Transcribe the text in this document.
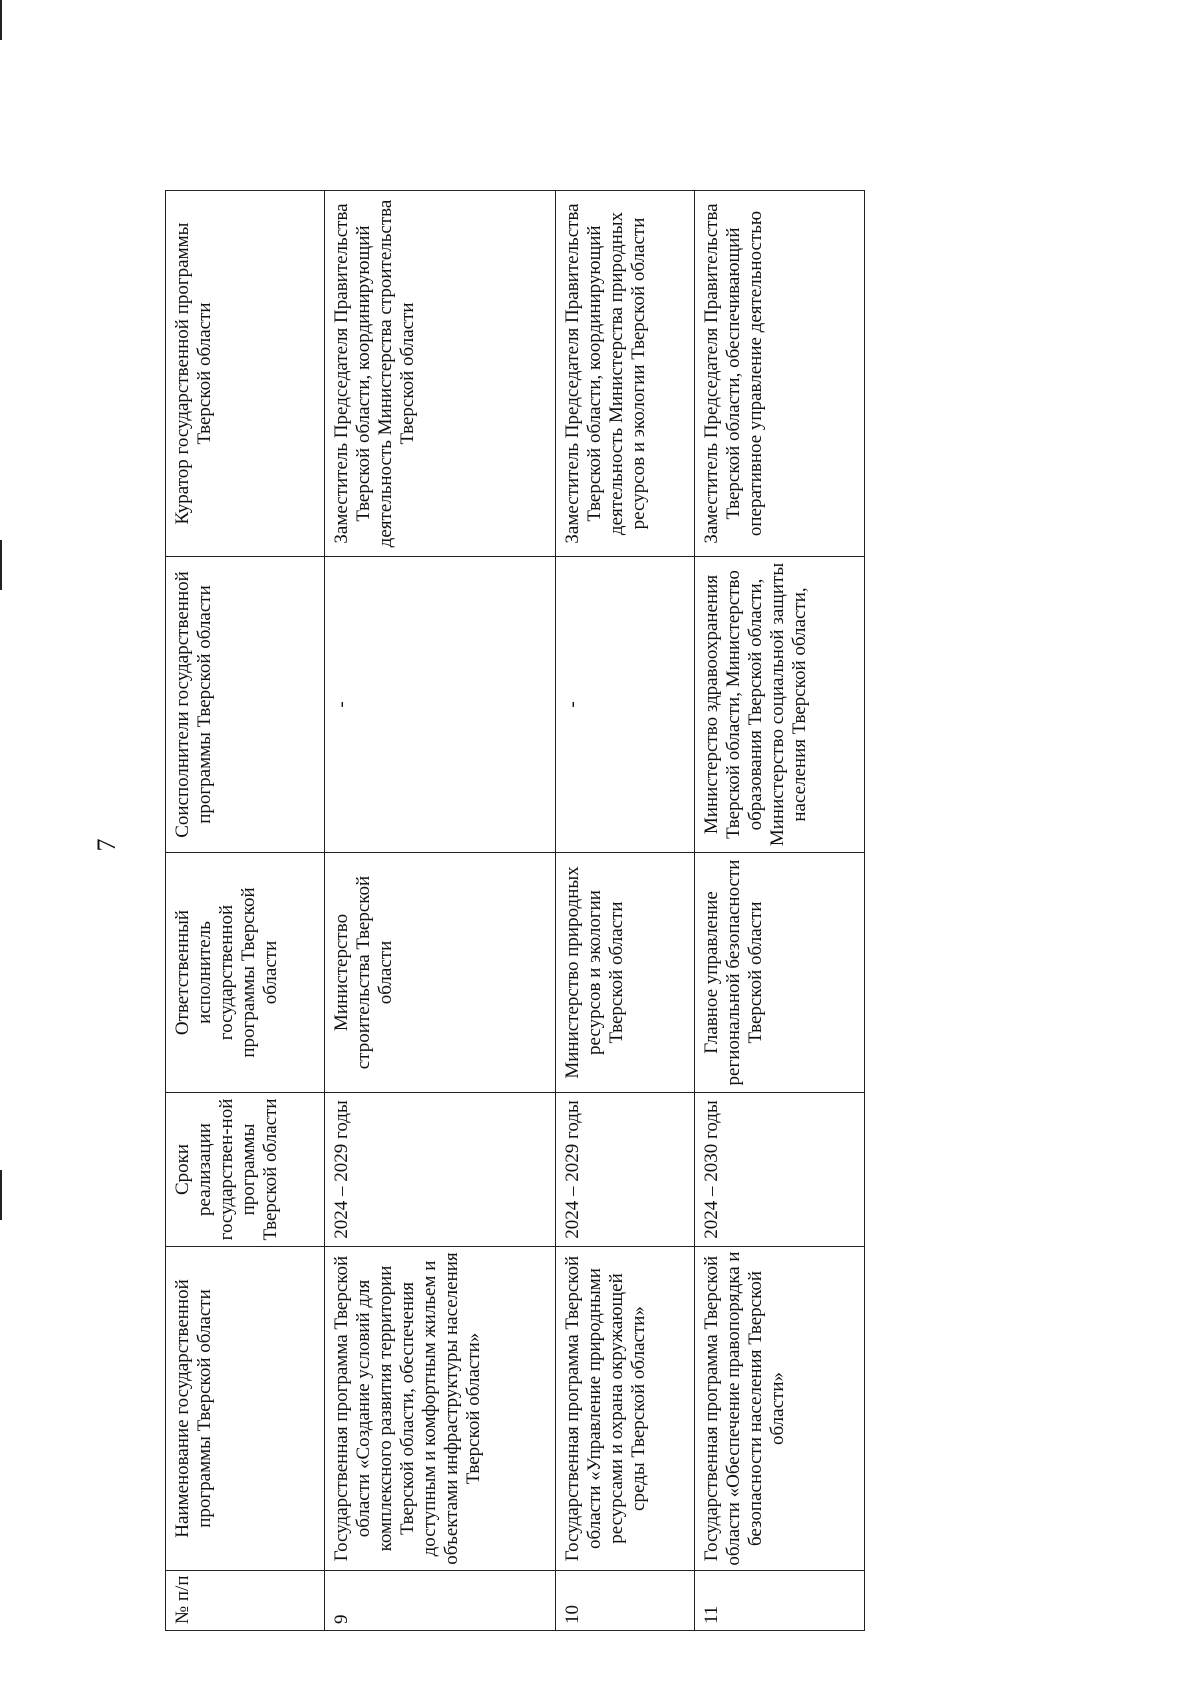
7
№ п/п	Наименование государственной программы Тверской области	Сроки реализации государствен-ной программы Тверской области	Ответственный исполнитель государственной программы Тверской области	Соисполнители государственной программы Тверской области	Куратор государственной программы Тверской области
9	Государственная программа Тверской области «Создание условий для комплексного развития территории Тверской области, обеспечения доступным и комфортным жильем и объектами инфраструктуры населения Тверской области»	2024 – 2029 годы	Министерство строительства Тверской области	-	Заместитель Председателя Правительства Тверской области, координирующий деятельность Министерства строительства Тверской области
10	Государственная программа Тверской области «Управление природными ресурсами и охрана окружающей среды Тверской области»	2024 – 2029 годы	Министерство природных ресурсов и экологии Тверской области	-	Заместитель Председателя Правительства Тверской области, координирующий деятельность Министерства природных ресурсов и экологии Тверской области
11	Государственная программа Тверской области «Обеспечение правопорядка и безопасности населения Тверской области»	2024 – 2030 годы	Главное управление региональной безопасности Тверской области	Министерство здравоохранения Тверской области, Министерство образования Тверской области, Министерство социальной защиты населения Тверской области,	Заместитель Председателя Правительства Тверской области, обеспечивающий оперативное управление деятельностью
